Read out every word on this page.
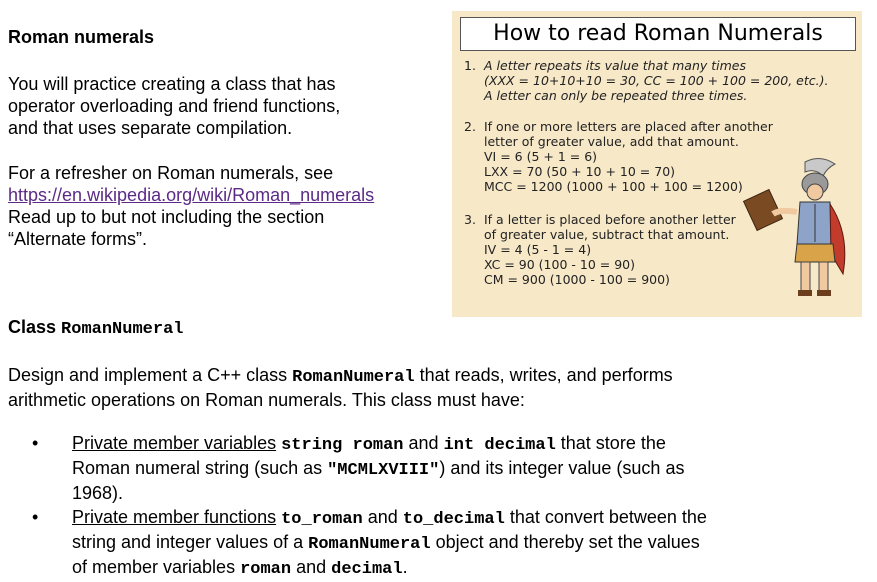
Roman numerals
You will practice creating a class that has
operator overloading and friend functions,
and that uses separate compilation.
For a refresher on Roman numerals, see
https://en.wikipedia.org/wiki/Roman_numerals
Read up to but not including the section
“Alternate forms”.
How to read Roman Numerals
1. A letter repeats its value that many times
(XXX = 10+10+10 = 30, CC = 100 + 100 = 200, etc.).
A letter can only be repeated three times.
2. If one or more letters are placed after another
letter of greater value, add that amount.
VI = 6 (5 + 1 = 6)
LXX = 70 (50 + 10 + 10 = 70)
MCC = 1200 (1000 + 100 + 100 = 1200)
3. If a letter is placed before another letter
of greater value, subtract that amount.
IV = 4 (5 - 1 = 4)
XC = 90 (100 - 10 = 90)
CM = 900 (1000 - 100 = 900)
Class RomanNumeral
Design and implement a C++ class RomanNumeral that reads, writes, and performs
arithmetic operations on Roman numerals. This class must have:
• Private member variables string roman and int decimal that store the
Roman numeral string (such as "MCMLXVIII") and its integer value (such as
1968).
• Private member functions to_roman and to_decimal that convert between the
string and integer values of a RomanNumeral object and thereby set the values
of member variables roman and decimal.
